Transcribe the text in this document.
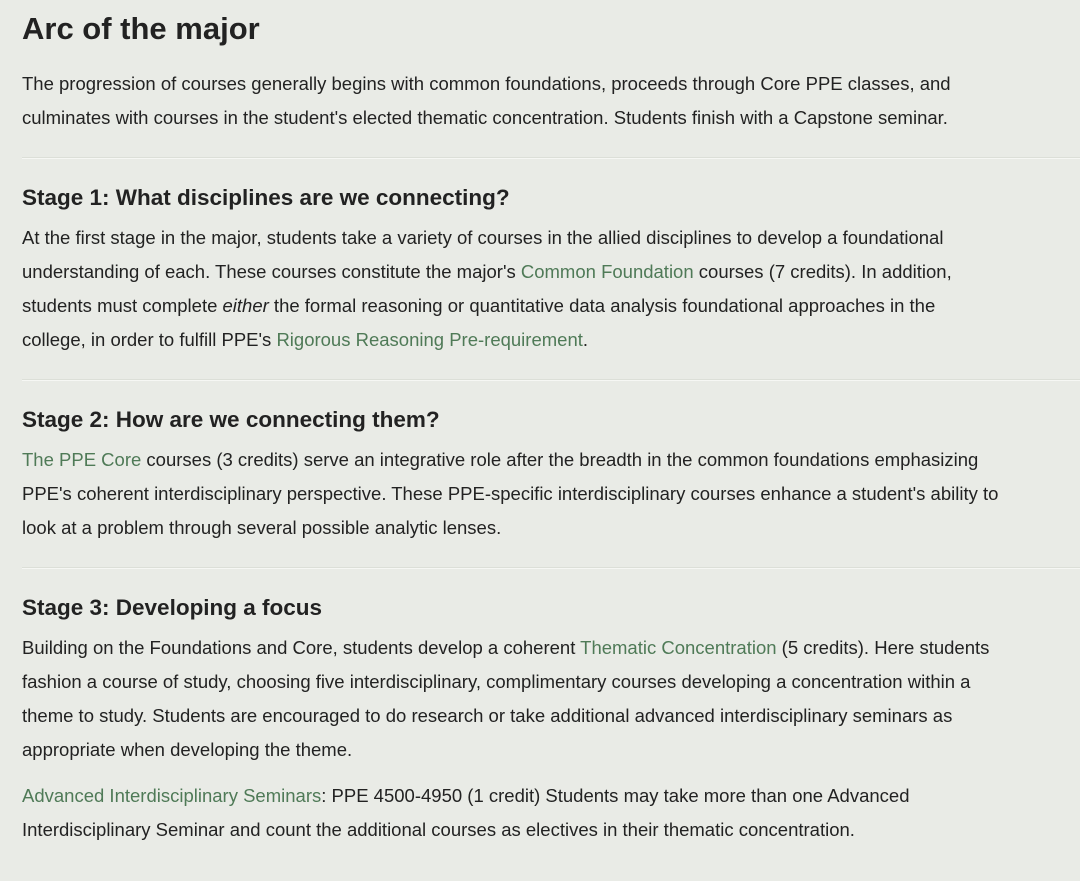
Arc of the major
The progression of courses generally begins with common foundations, proceeds through Core PPE classes, and
culminates with courses in the student's elected thematic concentration. Students finish with a Capstone seminar.
Stage 1: What disciplines are we connecting?

At the first stage in the major, students take a variety of courses in the allied disciplines to develop a foundational
understanding of each. These courses constitute the major's Common Foundation courses (7 credits). In addition,
students must complete either the formal reasoning or quantitative data analysis foundational approaches in the
college, in order to fulfill PPE's Rigorous Reasoning Pre-requirement.

Stage 2: How are we connecting them?

The PPE Core courses (3 credits) serve an integrative role after the breadth in the common foundations emphasizing
PPE's coherent interdisciplinary perspective. These PPE-specific interdisciplinary courses enhance a student's ability to
look at a problem through several possible analytic lenses.

Stage 3: Developing a focus

Building on the Foundations and Core, students develop a coherent Thematic Concentration (5 credits). Here students
fashion a course of study, choosing five interdisciplinary, complimentary courses developing a concentration within a
theme to study. Students are encouraged to do research or take additional advanced interdisciplinary seminars as
appropriate when developing the theme.

Advanced Interdisciplinary Seminars: PPE 4500-4950 (1 credit) Students may take more than one Advanced
Interdisciplinary Seminar and count the additional courses as electives in their thematic concentration.
